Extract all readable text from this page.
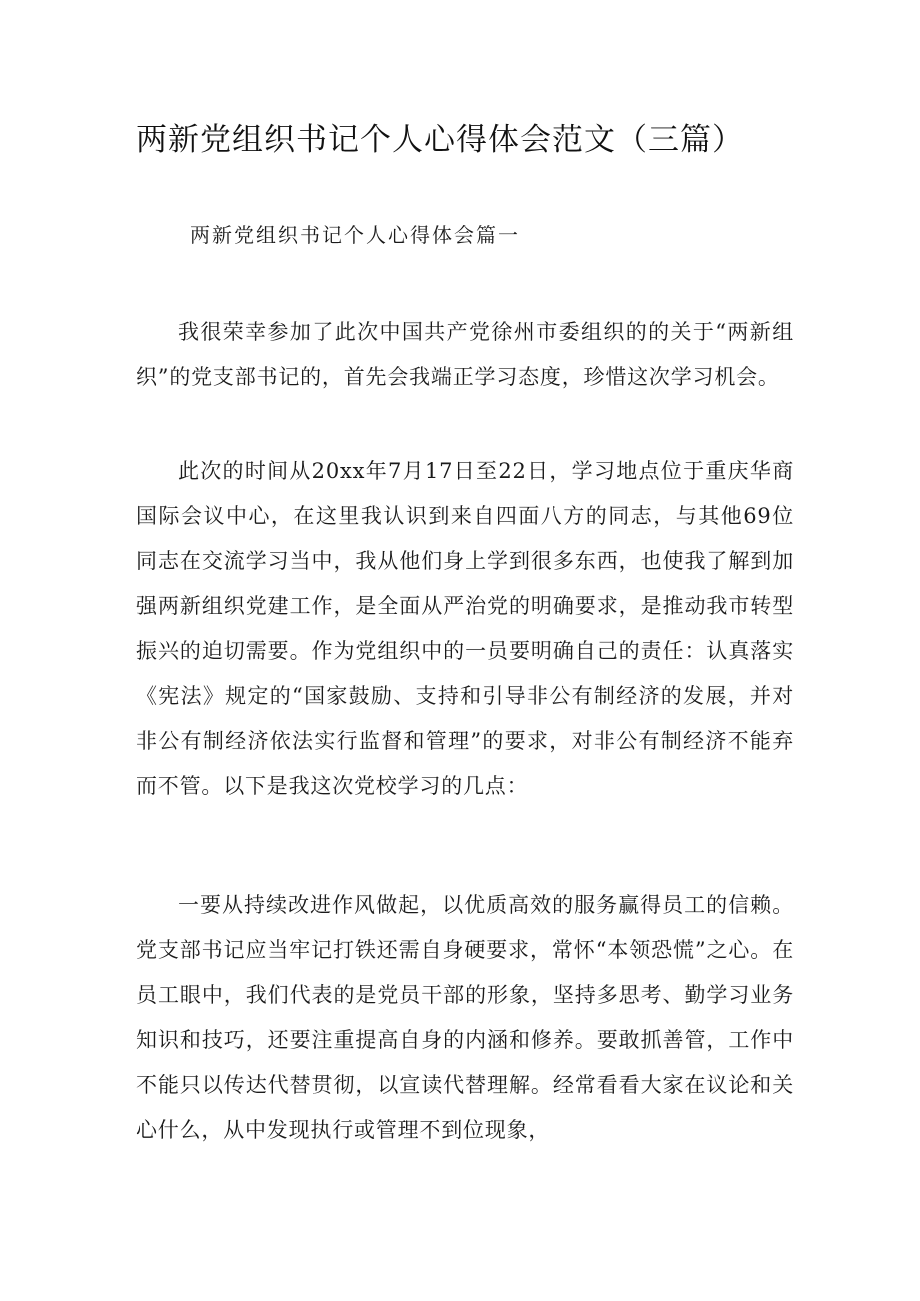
两新党组织书记个人心得体会范文（三篇）
两新党组织书记个人心得体会篇一

我很荣幸参加了此次中国共产党徐州市委组织的的关于“两新组织”的党支部书记的，首先会我端正学习态度，珍惜这次学习机会。

此次的时间从20xx年7月17日至22日，学习地点位于重庆华商国际会议中心，在这里我认识到来自四面八方的同志，与其他69位同志在交流学习当中，我从他们身上学到很多东西，也使我了解到加强两新组织党建工作，是全面从严治党的明确要求，是推动我市转型振兴的迫切需要。作为党组织中的一员要明确自己的责任：认真落实《宪法》规定的“国家鼓励、支持和引导非公有制经济的发展，并对非公有制经济依法实行监督和管理”的要求，对非公有制经济不能弃而不管。以下是我这次党校学习的几点：

一要从持续改进作风做起，以优质高效的服务赢得员工的信赖。党支部书记应当牢记打铁还需自身硬要求，常怀“本领恐慌”之心。在员工眼中，我们代表的是党员干部的形象，坚持多思考、勤学习业务知识和技巧，还要注重提高自身的内涵和修养。要敢抓善管，工作中不能只以传达代替贯彻，以宣读代替理解。经常看看大家在议论和关心什么，从中发现执行或管理不到位现象，
